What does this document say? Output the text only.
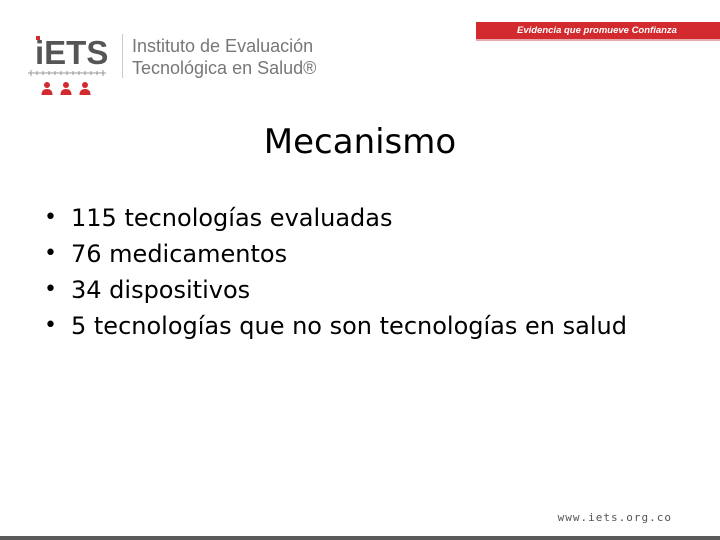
iETS Instituto de Evaluación
Tecnológica en Salud®
Evidencia que promueve Confianza
Mecanismo
• 115 tecnologías evaluadas
• 76 medicamentos
• 34 dispositivos
• 5 tecnologías que no son tecnologías en salud
www.iets.org.co
